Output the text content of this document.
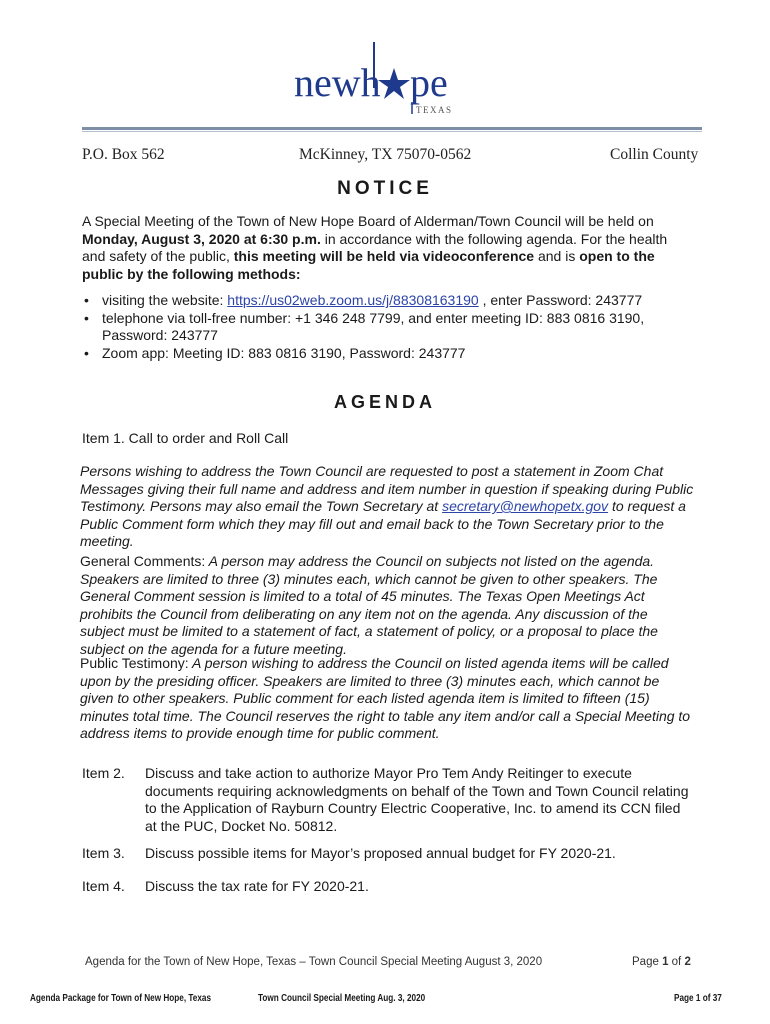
newh pe
TEXAS
P.O. Box 562	McKinney, TX 75070-0562	Collin County
NOTICE
A Special Meeting of the Town of New Hope Board of Alderman/Town Council will be held on Monday, August 3, 2020 at 6:30 p.m. in accordance with the following agenda. For the health and safety of the public, this meeting will be held via videoconference and is open to the public by the following methods:
• visiting the website: https://us02web.zoom.us/j/88308163190 , enter Password: 243777
• telephone via toll-free number: +1 346 248 7799, and enter meeting ID: 883 0816 3190, Password: 243777
• Zoom app: Meeting ID: 883 0816 3190, Password: 243777
AGENDA
Item 1. Call to order and Roll Call
Persons wishing to address the Town Council are requested to post a statement in Zoom Chat Messages giving their full name and address and item number in question if speaking during Public Testimony. Persons may also email the Town Secretary at secretary@newhopetx.gov to request a Public Comment form which they may fill out and email back to the Town Secretary prior to the meeting.
General Comments: A person may address the Council on subjects not listed on the agenda. Speakers are limited to three (3) minutes each, which cannot be given to other speakers. The General Comment session is limited to a total of 45 minutes. The Texas Open Meetings Act prohibits the Council from deliberating on any item not on the agenda. Any discussion of the subject must be limited to a statement of fact, a statement of policy, or a proposal to place the subject on the agenda for a future meeting.
Public Testimony: A person wishing to address the Council on listed agenda items will be called upon by the presiding officer. Speakers are limited to three (3) minutes each, which cannot be given to other speakers. Public comment for each listed agenda item is limited to fifteen (15) minutes total time. The Council reserves the right to table any item and/or call a Special Meeting to address items to provide enough time for public comment.
Item 2. Discuss and take action to authorize Mayor Pro Tem Andy Reitinger to execute documents requiring acknowledgments on behalf of the Town and Town Council relating to the Application of Rayburn Country Electric Cooperative, Inc. to amend its CCN filed at the PUC, Docket No. 50812.
Item 3. Discuss possible items for Mayor’s proposed annual budget for FY 2020-21.
Item 4. Discuss the tax rate for FY 2020-21.
Agenda for the Town of New Hope, Texas – Town Council Special Meeting August 3, 2020	Page 1 of 2
Agenda Package for Town of New Hope, Texas	Town Council Special Meeting Aug. 3, 2020	Page 1 of 37
